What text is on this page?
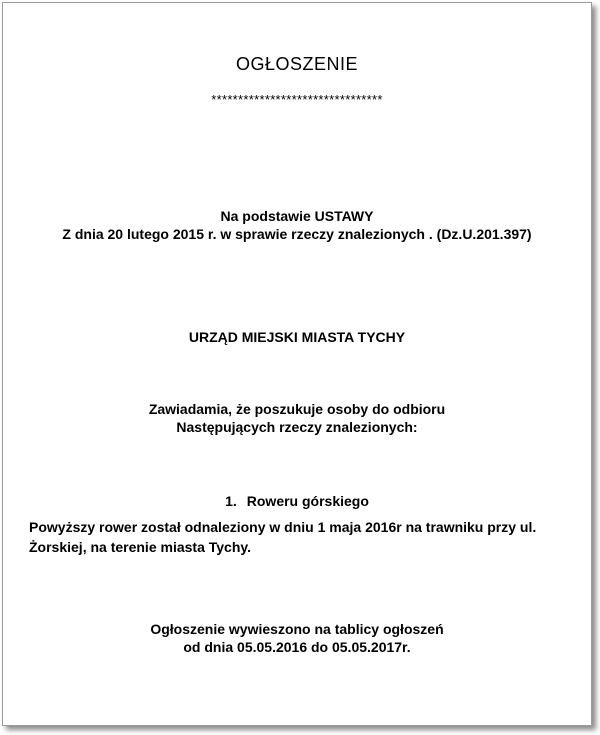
OGŁOSZENIE
********************************
Na podstawie USTAWY
Z dnia 20 lutego 2015 r. w sprawie rzeczy znalezionych . (Dz.U.201.397)
URZĄD MIEJSKI MIASTA TYCHY
Zawiadamia, że poszukuje osoby do odbioru
Następujących rzeczy znalezionych:
1. Roweru górskiego
Powyższy rower został odnaleziony w dniu 1 maja 2016r na trawniku przy ul.
Żorskiej, na terenie miasta Tychy.
Ogłoszenie wywieszono na tablicy ogłoszeń
od dnia 05.05.2016 do 05.05.2017r.
